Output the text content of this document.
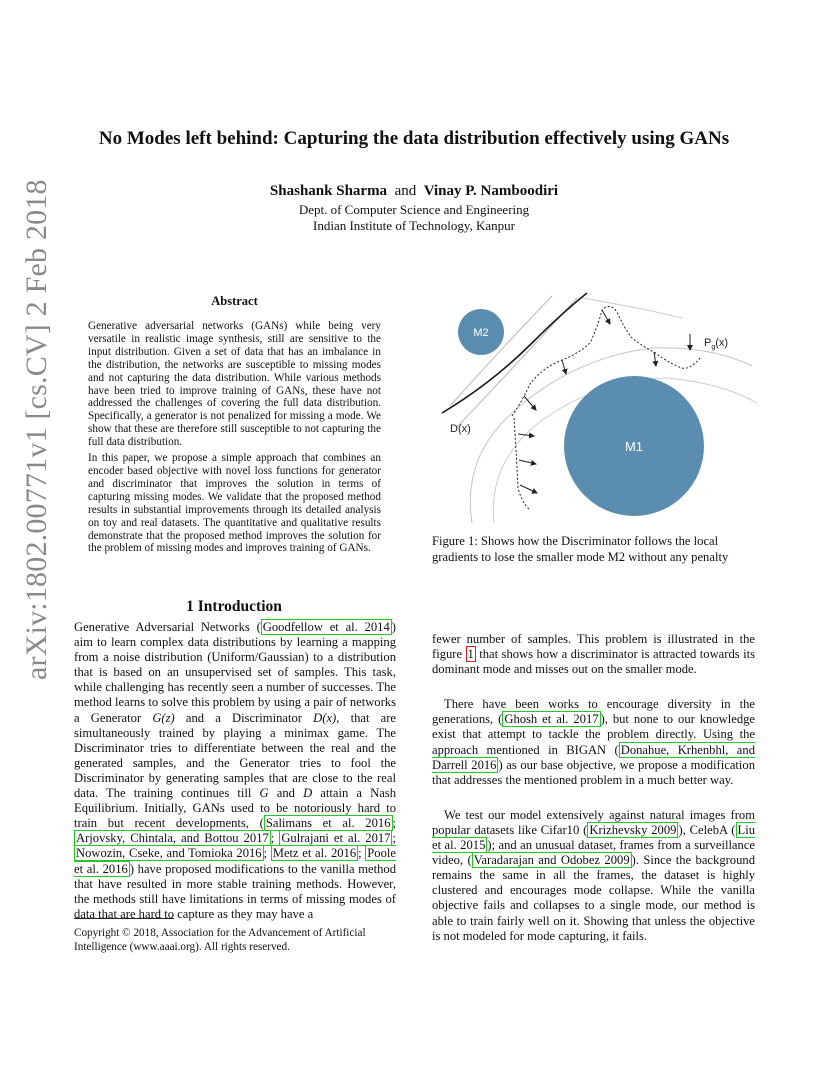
arXiv:1802.00771v1 [cs.CV] 2 Feb 2018
No Modes left behind: Capturing the data distribution effectively using GANs
Shashank Sharma and Vinay P. Namboodiri
Dept. of Computer Science and Engineering
Indian Institute of Technology, Kanpur
Abstract

Generative adversarial networks (GANs) while being very versatile in realistic image synthesis, still are sensitive to the input distribution. Given a set of data that has an imbalance in the distribution, the networks are susceptible to missing modes and not capturing the data distribution. While various methods have been tried to improve training of GANs, these have not addressed the challenges of covering the full data distribution. Specifically, a generator is not penalized for missing a mode. We show that these are therefore still susceptible to not capturing the full data distribution.

In this paper, we propose a simple approach that combines an encoder based objective with novel loss functions for generator and discriminator that improves the solution in terms of capturing missing modes. We validate that the proposed method results in substantial improvements through its detailed analysis on toy and real datasets. The quantitative and qualitative results demonstrate that the proposed method improves the solution for the problem of missing modes and improves training of GANs.

1 Introduction
Generative Adversarial Networks ( Goodfellow et al. 2014 ) aim to learn complex data distributions by learning a mapping from a noise distribution (Uniform/Gaussian) to a distribution that is based on an unsupervised set of samples. This task, while challenging has recently seen a number of successes. The method learns to solve this problem by using a pair of networks a Generator G(z) and a Discriminator D(x), that are simultaneously trained by playing a minimax game. The Discriminator tries to differentiate between the real and the generated samples, and the Generator tries to fool the Discriminator by generating samples that are close to the real data. The training continues till G and D attain a Nash Equilibrium. Initially, GANs used to be notoriously hard to train but recent developments, ( Salimans et al. 2016 ; Arjovsky, Chintala, and Bottou 2017 ; Gulrajani et al. 2017 ; Nowozin, Cseke, and Tomioka 2016 ; Metz et al. 2016 ; Poole et al. 2016 ) have proposed modifications to the vanilla method that have resulted in more stable training methods. However, the methods still have limitations in terms of missing modes of data that are hard to capture as they may have a
Copyright © 2018, Association for the Advancement of Artificial Intelligence (www.aaai.org). All rights reserved.
M2
M1
D(x)
$P_g(x)$
Figure 1: Shows how the Discriminator follows the local gradients to lose the smaller mode M2 without any penalty

fewer number of samples. This problem is illustrated in the figure 1 that shows how a discriminator is attracted towards its dominant mode and misses out on the smaller mode.

There have been works to encourage diversity in the generations, ( Ghosh et al. 2017 ), but none to our knowledge exist that attempt to tackle the problem directly. Using the approach mentioned in BIGAN ( Donahue, Krhenbhl, and Darrell 2016 ) as our base objective, we propose a modification that addresses the mentioned problem in a much better way.

We test our model extensively against natural images from popular datasets like Cifar10 ( Krizhevsky 2009 ), CelebA ( Liu et al. 2015 ); and an unusual dataset, frames from a surveillance video, ( Varadarajan and Odobez 2009 ). Since the background remains the same in all the frames, the dataset is highly clustered and encourages mode collapse. While the vanilla objective fails and collapses to a single mode, our method is able to train fairly well on it. Showing that unless the objective is not modeled for mode capturing, it fails.
